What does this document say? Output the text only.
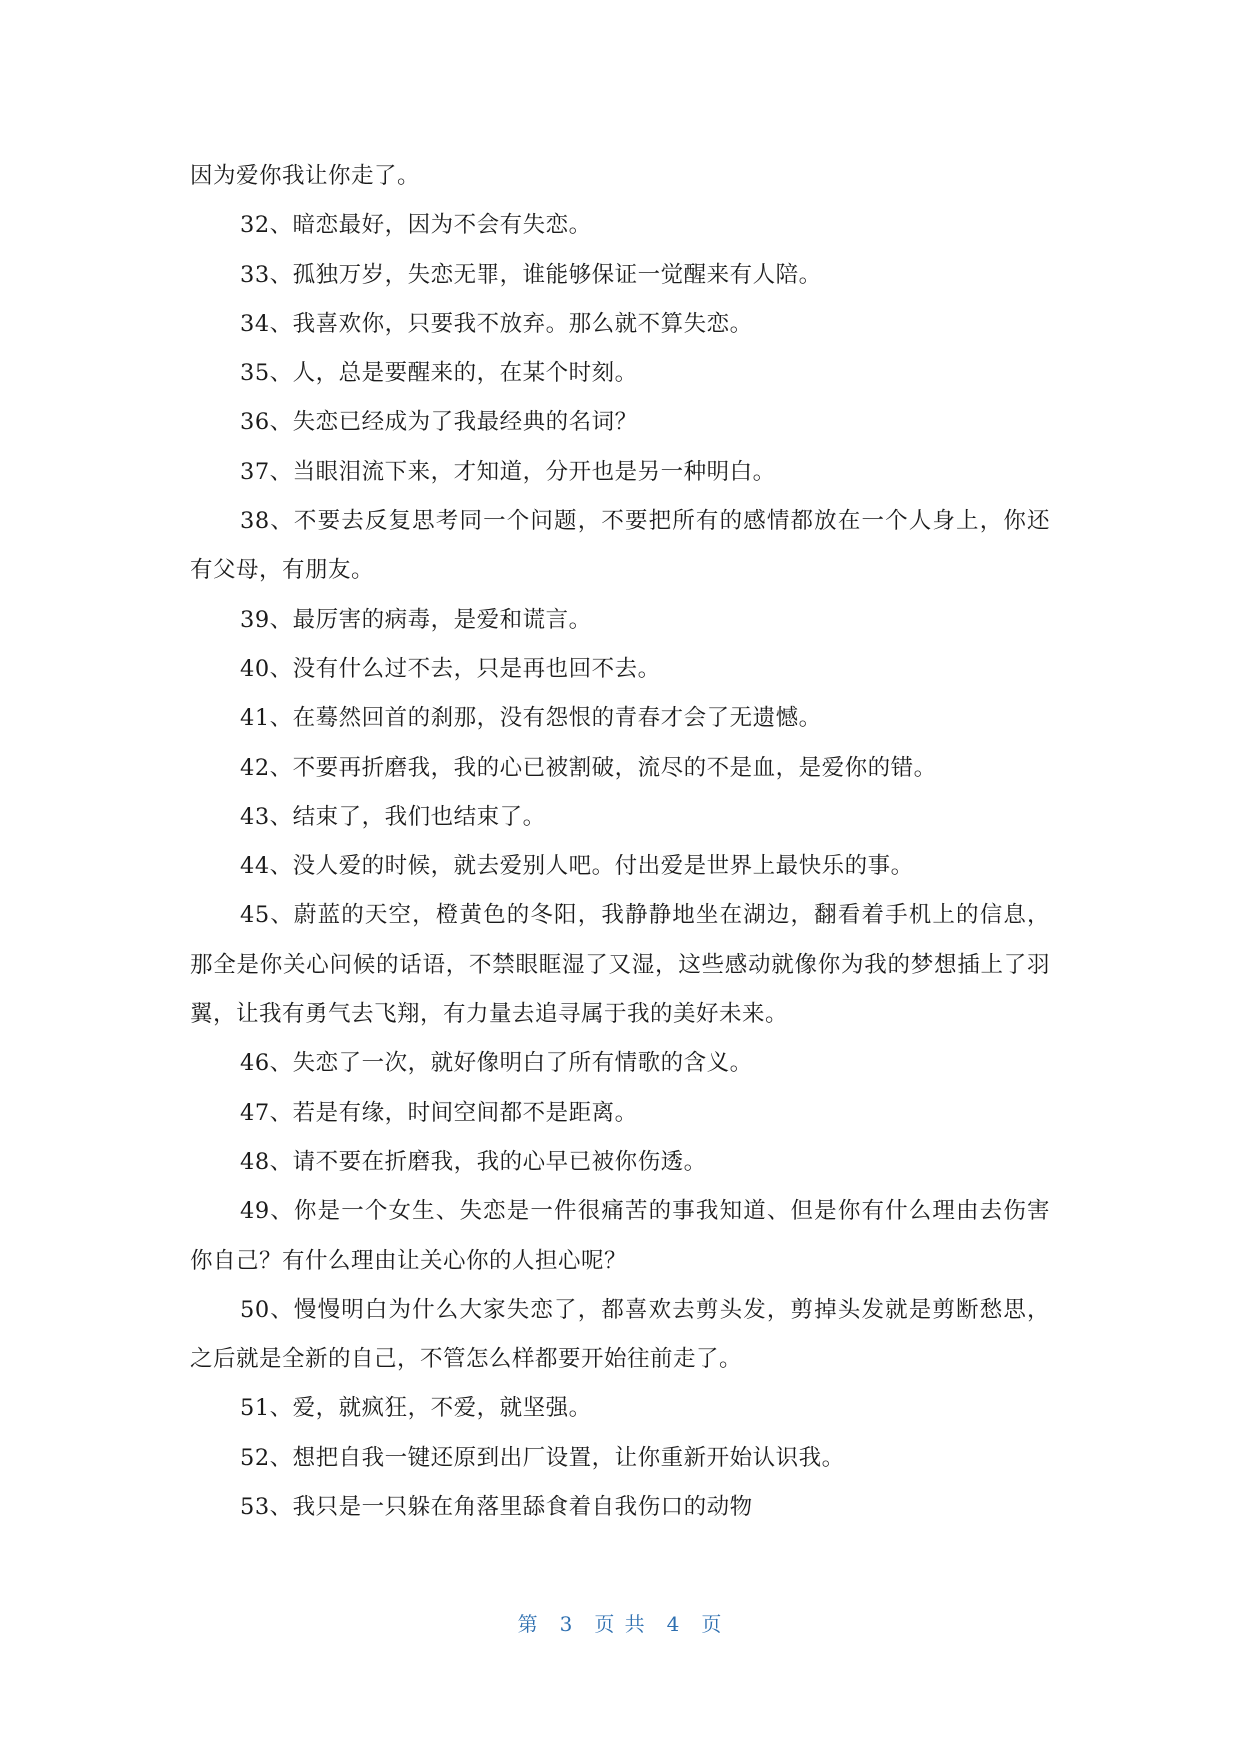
因为爱你我让你走了。

32、暗恋最好，因为不会有失恋。

33、孤独万岁，失恋无罪，谁能够保证一觉醒来有人陪。

34、我喜欢你，只要我不放弃。那么就不算失恋。

35、人，总是要醒来的，在某个时刻。

36、失恋已经成为了我最经典的名词？

37、当眼泪流下来，才知道，分开也是另一种明白。

38、不要去反复思考同一个问题，不要把所有的感情都放在一个人身上，你还有父母，有朋友。

39、最厉害的病毒，是爱和谎言。

40、没有什么过不去，只是再也回不去。

41、在蓦然回首的刹那，没有怨恨的青春才会了无遗憾。

42、不要再折磨我，我的心已被割破，流尽的不是血，是爱你的错。

43、结束了，我们也结束了。

44、没人爱的时候，就去爱别人吧。付出爱是世界上最快乐的事。

45、蔚蓝的天空，橙黄色的冬阳，我静静地坐在湖边，翻看着手机上的信息，那全是你关心问候的话语，不禁眼眶湿了又湿，这些感动就像你为我的梦想插上了羽翼，让我有勇气去飞翔，有力量去追寻属于我的美好未来。

46、失恋了一次，就好像明白了所有情歌的含义。

47、若是有缘，时间空间都不是距离。

48、请不要在折磨我，我的心早已被你伤透。

49、你是一个女生、失恋是一件很痛苦的事我知道、但是你有什么理由去伤害你自己？有什么理由让关心你的人担心呢？

50、慢慢明白为什么大家失恋了，都喜欢去剪头发，剪掉头发就是剪断愁思，之后就是全新的自己，不管怎么样都要开始往前走了。

51、爱，就疯狂，不爱，就坚强。

52、想把自我一键还原到出厂设置，让你重新开始认识我。

53、我只是一只躲在角落里舔食着自我伤口的动物

第 3 页 共 4 页
